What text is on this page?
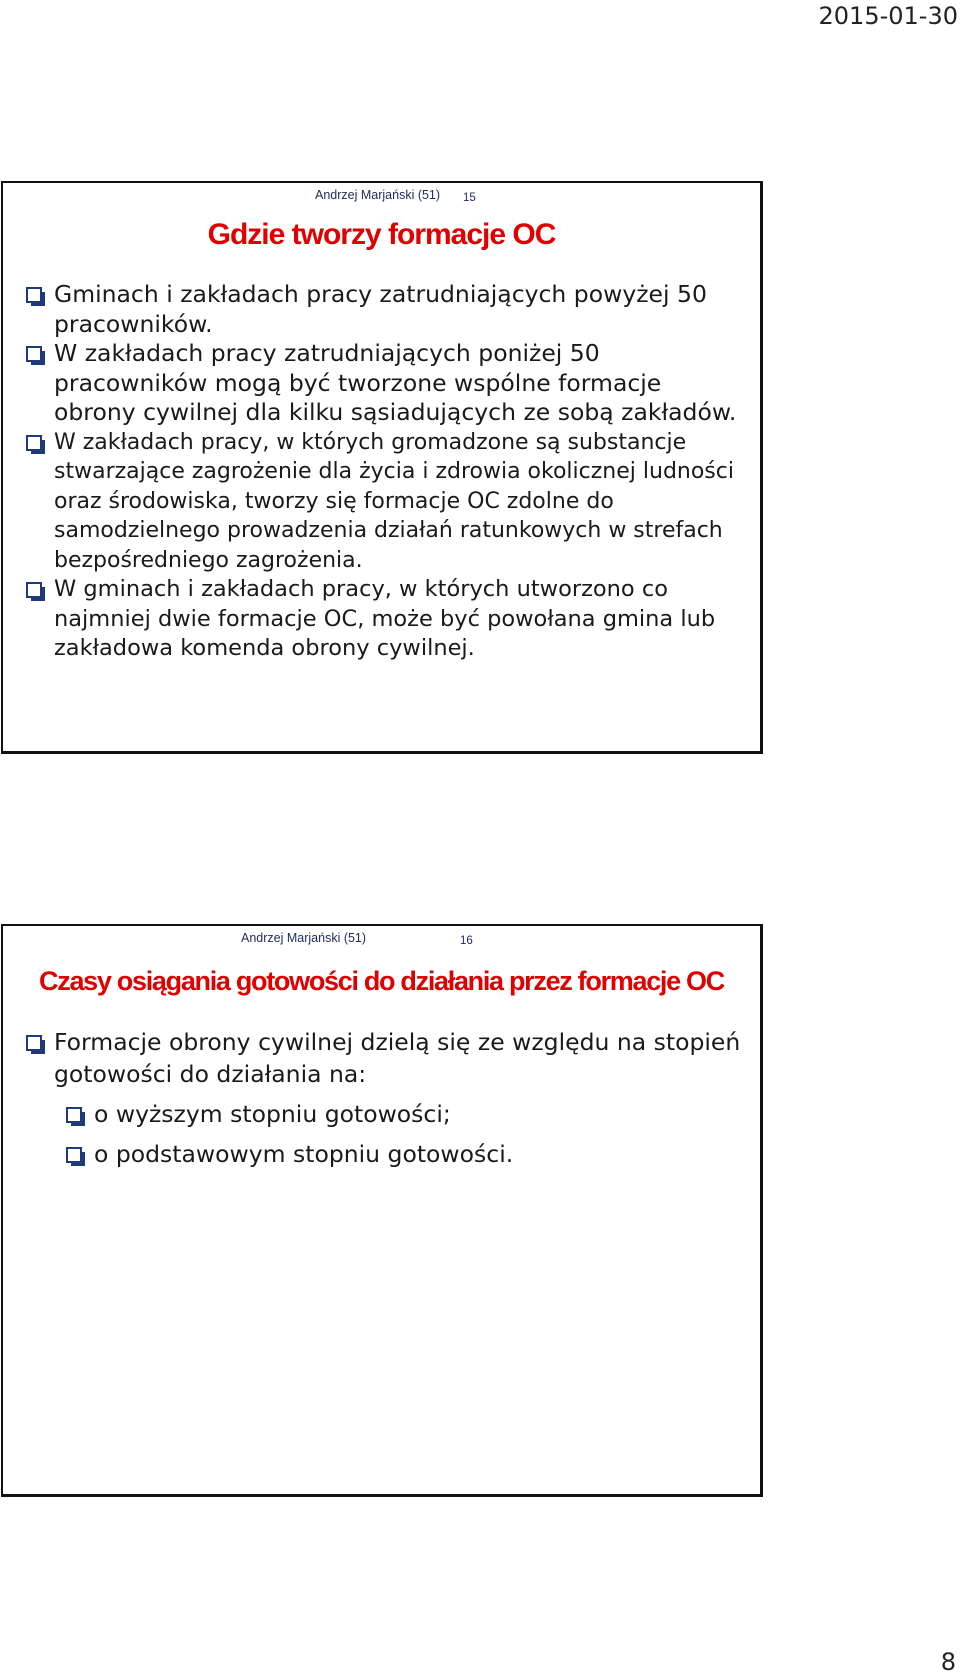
2015-01-30
Andrzej Marjański (51) 15
Gdzie tworzy formacje OC
Gminach i zakładach pracy zatrudniających powyżej 50 pracowników.
W zakładach pracy zatrudniających poniżej 50 pracowników mogą być tworzone wspólne formacje obrony cywilnej dla kilku sąsiadujących ze sobą zakładów.
W zakładach pracy, w których gromadzone są substancje stwarzające zagrożenie dla życia i zdrowia okolicznej ludności oraz środowiska, tworzy się formacje OC zdolne do samodzielnego prowadzenia działań ratunkowych w strefach bezpośredniego zagrożenia.
W gminach i zakładach pracy, w których utworzono co najmniej dwie formacje OC, może być powołana gmina lub zakładowa komenda obrony cywilnej.
Andrzej Marjański (51)	16
Czasy osiągania gotowości do działania przez formacje OC
Formacje obrony cywilnej dzielą się ze względu na stopień gotowości do działania na:
o wyższym stopniu gotowości;
o podstawowym stopniu gotowości.
8
